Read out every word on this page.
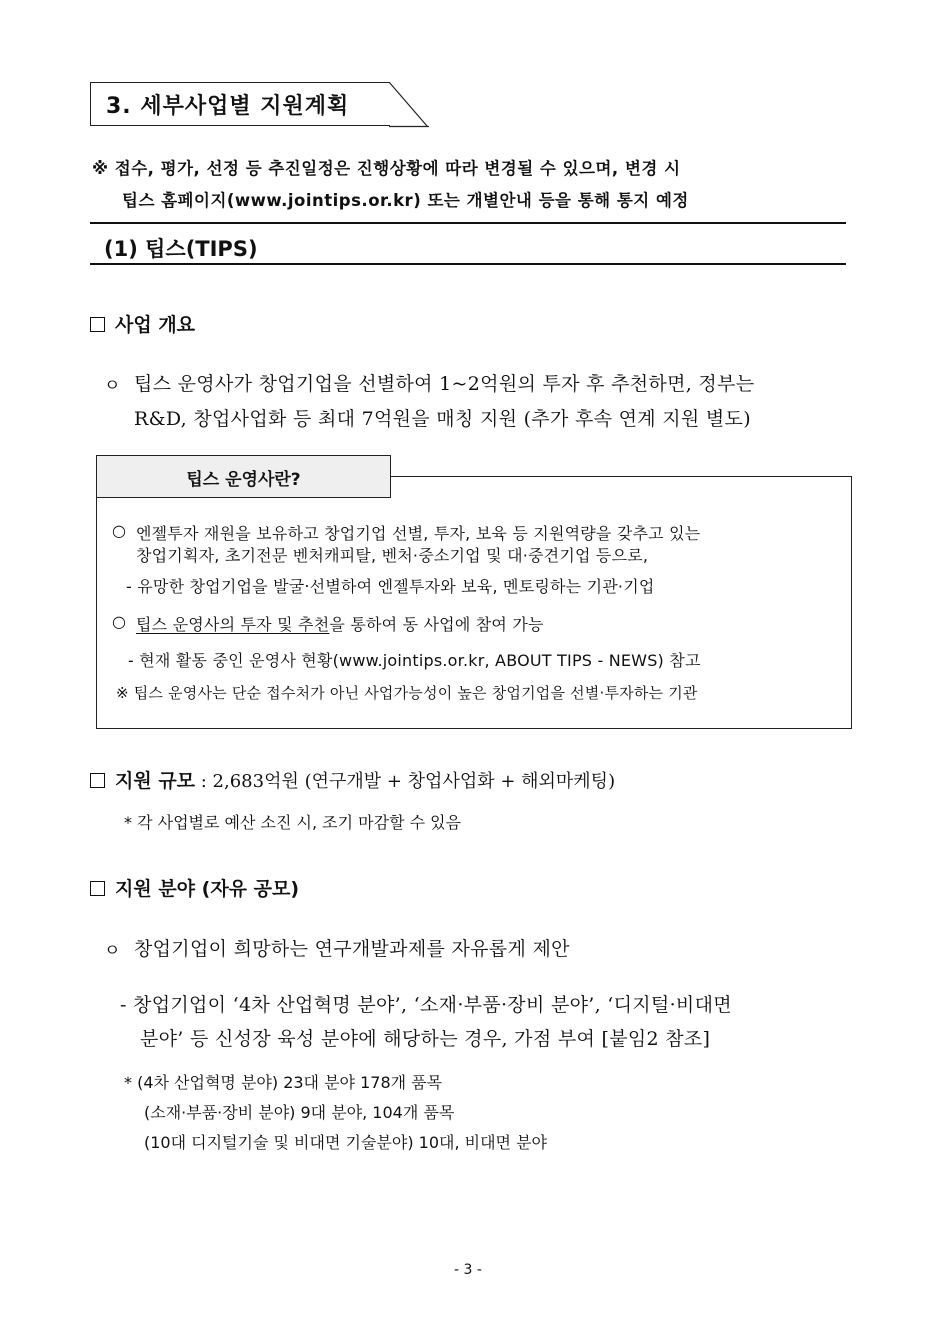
3. 세부사업별 지원계획
※ 접수, 평가, 선정 등 추진일정은 진행상황에 따라 변경될 수 있으며, 변경 시
팁스 홈페이지(www.jointips.or.kr) 또는 개별안내 등을 통해 통지 예정
(1) 팁스(TIPS)
사업 개요
ㅇ 팁스 운영사가 창업기업을 선별하여 1~2억원의 투자 후 추천하면, 정부는
R&D, 창업사업화 등 최대 7억원을 매칭 지원 (추가 후속 연계 지원 별도)
팁스 운영사란?
○ 엔젤투자 재원을 보유하고 창업기업 선별, 투자, 보육 등 지원역량을 갖추고 있는
창업기획자, 초기전문 벤처캐피탈, 벤처·중소기업 및 대·중견기업 등으로,
- 유망한 창업기업을 발굴‧선별하여 엔젤투자와 보육, 멘토링하는 기관·기업
○ 팁스 운영사의 투자 및 추천을 통하여 동 사업에 참여 가능
- 현재 활동 중인 운영사 현황(www.jointips.or.kr, ABOUT TIPS - NEWS) 참고
※ 팁스 운영사는 단순 접수처가 아닌 사업가능성이 높은 창업기업을 선별·투자하는 기관
지원 규모 : 2,683억원 (연구개발 + 창업사업화 + 해외마케팅)
* 각 사업별로 예산 소진 시, 조기 마감할 수 있음
지원 분야 (자유 공모)
ㅇ 창업기업이 희망하는 연구개발과제를 자유롭게 제안
- 창업기업이 ‘4차 산업혁명 분야’, ‘소재·부품·장비 분야’, ‘디지털·비대면
분야’ 등 신성장 육성 분야에 해당하는 경우, 가점 부여 [붙임2 참조]
* (4차 산업혁명 분야) 23대 분야 178개 품목
(소재·부품·장비 분야) 9대 분야, 104개 품목
(10대 디지털기술 및 비대면 기술분야) 10대, 비대면 분야
- 3 -
